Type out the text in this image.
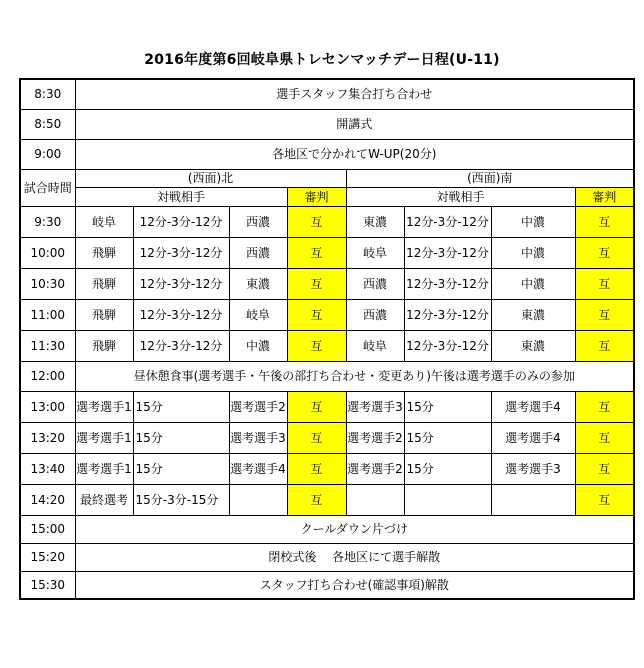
2016年度第6回岐阜県トレセンマッチデー日程(U-11)
8:30	選手スタッフ集合打ち合わせ							
8:50	開講式							
9:00	各地区で分かれてW-UP(20分)							
試合時間	(西面)北				(西面)南			
	対戦相手			審判	対戦相手			審判
9:30	岐阜	12分-3分-12分	西濃	互	東濃	12分-3分-12分	中濃	互
10:00	飛騨	12分-3分-12分	西濃	互	岐阜	12分-3分-12分	中濃	互
10:30	飛騨	12分-3分-12分	東濃	互	西濃	12分-3分-12分	中濃	互
11:00	飛騨	12分-3分-12分	岐阜	互	西濃	12分-3分-12分	東濃	互
11:30	飛騨	12分-3分-12分	中濃	互	岐阜	12分-3分-12分	東濃	互
12:00	昼休憩食事(選考選手・午後の部打ち合わせ・変更あり)午後は選考選手のみの参加							
13:00	選考選手1	15分	選考選手2	互	選考選手3	15分	選考選手4	互
13:20	選考選手1	15分	選考選手3	互	選考選手2	15分	選考選手4	互
13:40	選考選手1	15分	選考選手4	互	選考選手2	15分	選考選手3	互
14:20	最終選考	15分-3分-15分		互				互
15:00	クールダウン片づけ							
15:20	閉校式後　 各地区にて選手解散							
15:30	スタッフ打ち合わせ(確認事項)解散							
